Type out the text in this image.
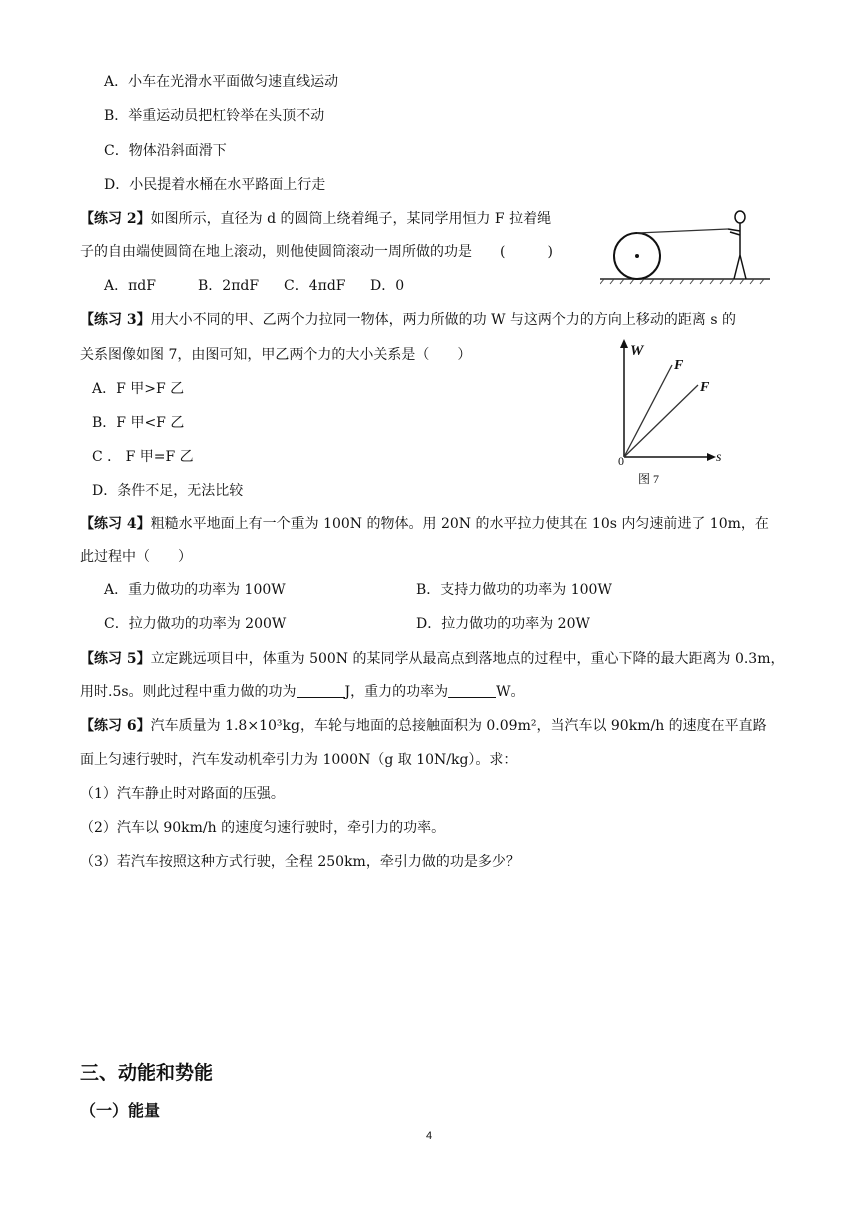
A．小车在光滑水平面做匀速直线运动
B．举重运动员把杠铃举在头顶不动
C．物体沿斜面滑下
D．小民提着水桶在水平路面上行走
【练习 2】如图所示，直径为 d 的圆筒上绕着绳子，某同学用恒力 F 拉着绳
子的自由端使圆筒在地上滚动，则他使圆筒滚动一周所做的功是　　(　　　)
A．πdF	B．2πdF C．4πdF D．0
【练习 3】用大小不同的甲、乙两个力拉同一物体，两力所做的功 W 与这两个力的方向上移动的距离 s 的
关系图像如图 7，由图可知，甲乙两个力的大小关系是（　　）
A．F 甲>F 乙
B．F 甲<F 乙
C ． F 甲=F 乙
D．条件不足，无法比较
W
s
0
F
F
图 7
【练习 4】粗糙水平地面上有一个重为 100N 的物体。用 20N 的水平拉力使其在 10s 内匀速前进了 10m，在
此过程中（　　）
A．重力做功的功率为 100W	B．支持力做功的功率为 100W
C．拉力做功的功率为 200W	D．拉力做功的功率为 20W
【练习 5】立定跳远项目中，体重为 500N 的某同学从最高点到落地点的过程中，重心下降的最大距离为 0.3m，
用时.5s。则此过程中重力做的功为	J，重力的功率为	W。
【练习 6】汽车质量为 1.8×10³kg，车轮与地面的总接触面积为 0.09m²，当汽车以 90km/h 的速度在平直路
面上匀速行驶时，汽车发动机牵引力为 1000N（g 取 10N/kg）。求：
（1）汽车静止时对路面的压强。
（2）汽车以 90km/h 的速度匀速行驶时，牵引力的功率。
（3）若汽车按照这种方式行驶，全程 250km，牵引力做的功是多少？
三、动能和势能
（一）能量
4
